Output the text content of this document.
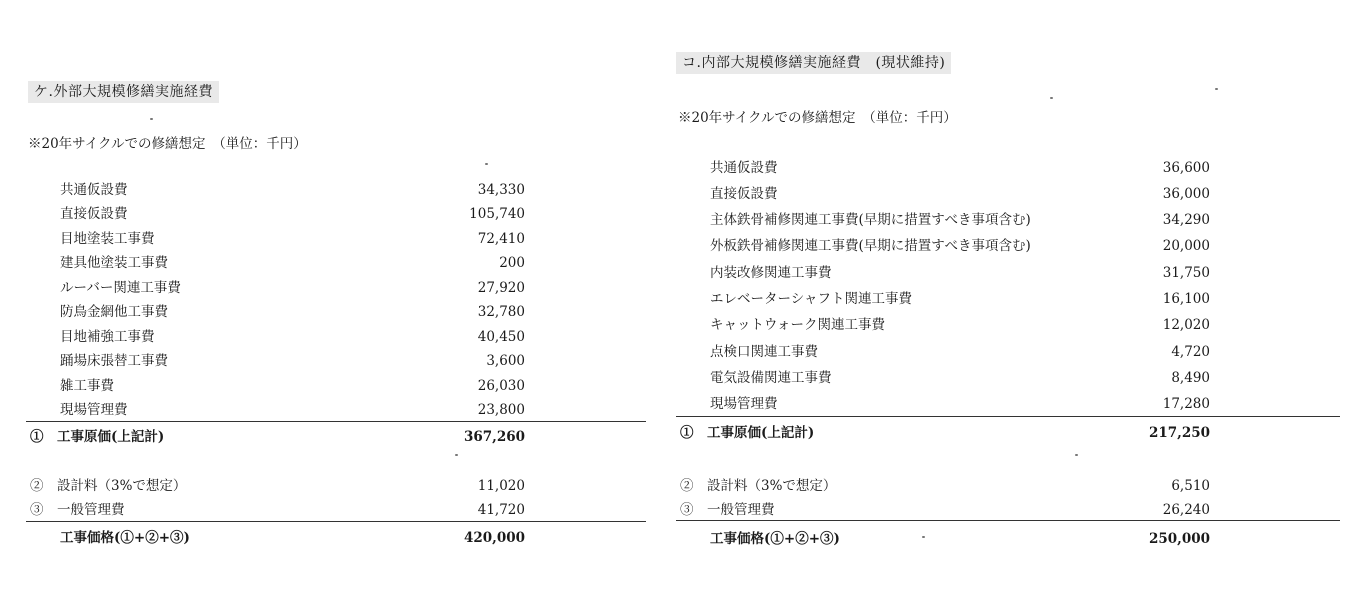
ケ.外部大規模修繕実施経費
※20年サイクルでの修繕想定　（単位：千円）
共通仮設費	34,330
直接仮設費	105,740
目地塗装工事費	72,410
建具他塗装工事費	200
ルーバー関連工事費	27,920
防鳥金網他工事費	32,780
目地補強工事費	40,450
踊場床張替工事費	3,600
雑工事費	26,030
現場管理費	23,800
①　工事原価(上記計)	367,260
②　設計料（3%で想定）	11,020
③　一般管理費	41,720
工事価格(①+②+③)	420,000
コ.内部大規模修繕実施経費　(現状維持)
※20年サイクルでの修繕想定　（単位：千円）
共通仮設費	36,600
直接仮設費	36,000
主体鉄骨補修関連工事費(早期に措置すべき事項含む)	34,290
外板鉄骨補修関連工事費(早期に措置すべき事項含む)	20,000
内装改修関連工事費	31,750
エレベーターシャフト関連工事費	16,100
キャットウォーク関連工事費	12,020
点検口関連工事費	4,720
電気設備関連工事費	8,490
現場管理費	17,280
①　工事原価(上記計)	217,250
②　設計料（3%で想定）	6,510
③　一般管理費	26,240
工事価格(①+②+③)	250,000
